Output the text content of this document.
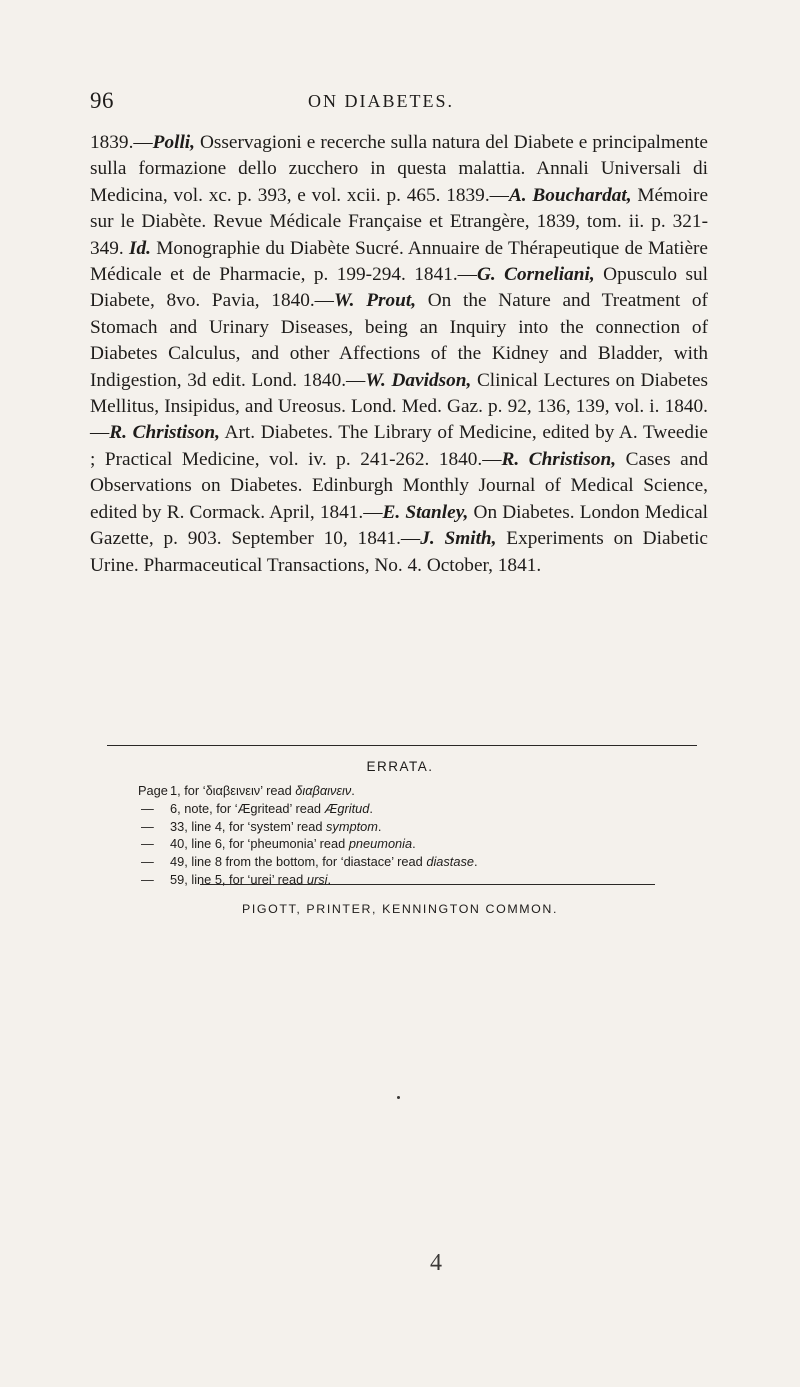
96	ON DIABETES.

1839.—Polli, Osservagioni e recerche sulla natura del Diabete e principalmente sulla formazione dello zucchero in questa malattia. Annali Universali di Medicina, vol. xc. p. 393, e vol. xcii. p. 465. 1839.—A. Bouchardat, Mémoire sur le Diabète. Revue Médicale Française et Etrangère, 1839, tom. ii. p. 321-349. Id. Monographie du Diabète Sucré. Annuaire de Thérapeutique de Matière Médicale et de Pharmacie, p. 199-294. 1841.—G. Corneliani, Opusculo sul Diabete, 8vo. Pavia, 1840.—W. Prout, On the Nature and Treatment of Stomach and Urinary Diseases, being an Inquiry into the connection of Diabetes Calculus, and other Affections of the Kidney and Bladder, with Indigestion, 3d edit. Lond. 1840.—W. Davidson, Clinical Lectures on Diabetes Mellitus, Insipidus, and Ureosus. Lond. Med. Gaz. p. 92, 136, 139, vol. i. 1840.—R. Christison, Art. Diabetes. The Library of Medicine, edited by A. Tweedie ; Practical Medicine, vol. iv. p. 241-262. 1840.—R. Christison, Cases and Observations on Diabetes. Edinburgh Monthly Journal of Medical Science, edited by R. Cormack. April, 1841.—E. Stanley, On Diabetes. London Medical Gazette, p. 903. September 10, 1841.—J. Smith, Experiments on Diabetic Urine. Pharmaceutical Transactions, No. 4. October, 1841.

ERRATA.
Page1, for ‘διαβεινειν’ read διαβαινειν.
—6, note, for ‘Ægritead’ read Ægritud.
—33, line 4, for ‘system’ read symptom.
—40, line 6, for ‘pheumonia’ read pneumonia.
—49, line 8 from the bottom, for ‘diastace’ read diastase.
—59, line 5, for ‘urei’ read ursi.
PIGOTT, PRINTER, KENNINGTON COMMON.
4
